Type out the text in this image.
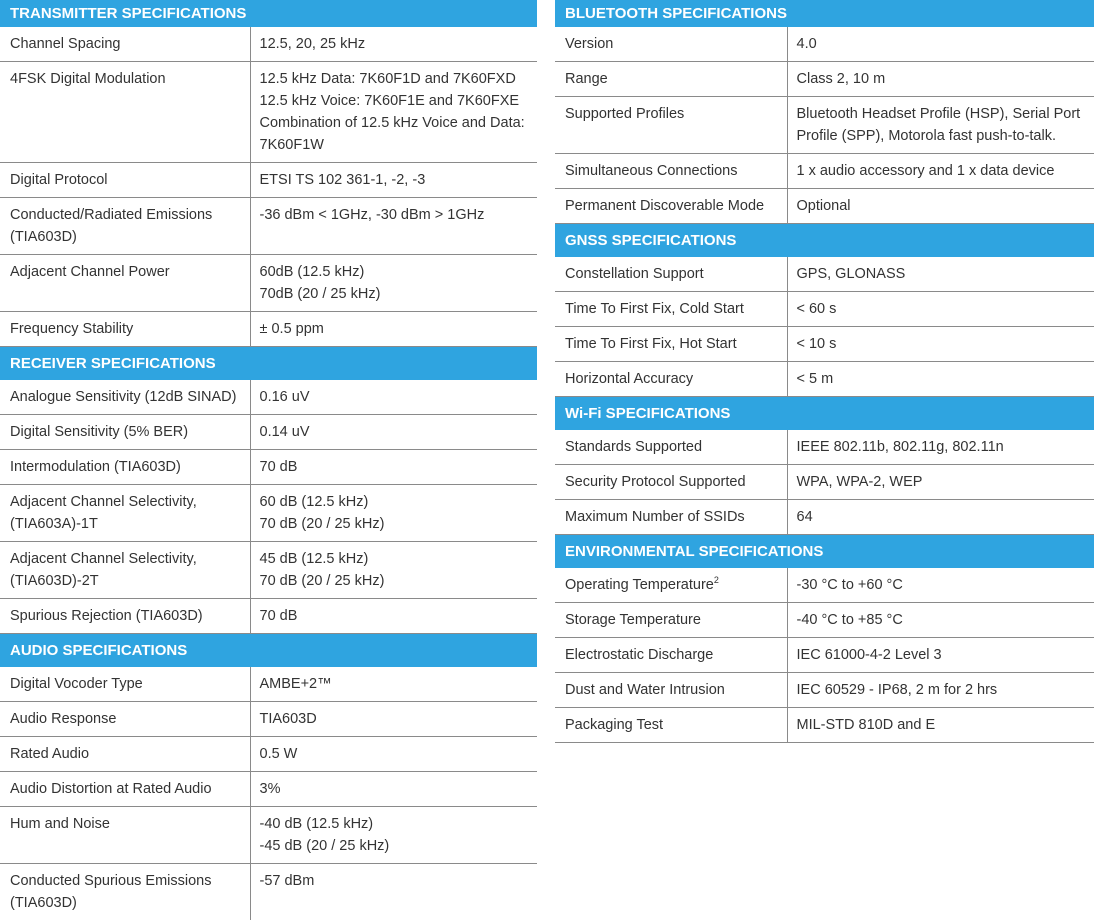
TRANSMITTER SPECIFICATIONS	

Channel Spacing	12.5, 20, 25 kHz

4FSK Digital Modulation	12.5 kHz Data: 7K60F1D and 7K60FXD
12.5 kHz Voice: 7K60F1E and 7K60FXE
Combination of 12.5 kHz Voice and Data:
7K60F1W

Digital Protocol	ETSI TS 102 361-1, -2, -3

Conducted/Radiated Emissions
(TIA603D)	-36 dBm < 1GHz, -30 dBm > 1GHz

Adjacent Channel Power	60dB (12.5 kHz)
70dB (20 / 25 kHz)

Frequency Stability	± 0.5 ppm

RECEIVER SPECIFICATIONS	

Analogue Sensitivity (12dB SINAD)	0.16 uV

Digital Sensitivity (5% BER)	0.14 uV

Intermodulation (TIA603D)	70 dB

Adjacent Channel Selectivity,
(TIA603A)-1T	60 dB (12.5 kHz)
70 dB (20 / 25 kHz)

Adjacent Channel Selectivity,
(TIA603D)-2T	45 dB (12.5 kHz)
70 dB (20 / 25 kHz)

Spurious Rejection (TIA603D)	70 dB

AUDIO SPECIFICATIONS	

Digital Vocoder Type	AMBE+2™

Audio Response	TIA603D

Rated Audio	0.5 W

Audio Distortion at Rated Audio	3%

Hum and Noise	-40 dB (12.5 kHz)
-45 dB (20 / 25 kHz)

Conducted Spurious Emissions
(TIA603D)	-57 dBm
BLUETOOTH SPECIFICATIONS	

Version	4.0

Range	Class 2, 10 m

Supported Profiles	Bluetooth Headset Profile (HSP), Serial Port
Profile (SPP), Motorola fast push-to-talk.

Simultaneous Connections	1 x audio accessory and 1 x data device

Permanent Discoverable Mode	Optional

GNSS SPECIFICATIONS	

Constellation Support	GPS, GLONASS

Time To First Fix, Cold Start	< 60 s

Time To First Fix, Hot Start	< 10 s

Horizontal Accuracy	< 5 m

Wi-Fi SPECIFICATIONS	

Standards Supported	IEEE 802.11b, 802.11g, 802.11n

Security Protocol Supported	WPA, WPA-2, WEP

Maximum Number of SSIDs	64

ENVIRONMENTAL SPECIFICATIONS	

Operating Temperature$^2$	-30 °C to +60 °C

Storage Temperature	-40 °C to +85 °C

Electrostatic Discharge	IEC 61000-4-2 Level 3

Dust and Water Intrusion	IEC 60529 - IP68, 2 m for 2 hrs

Packaging Test	MIL-STD 810D and E
